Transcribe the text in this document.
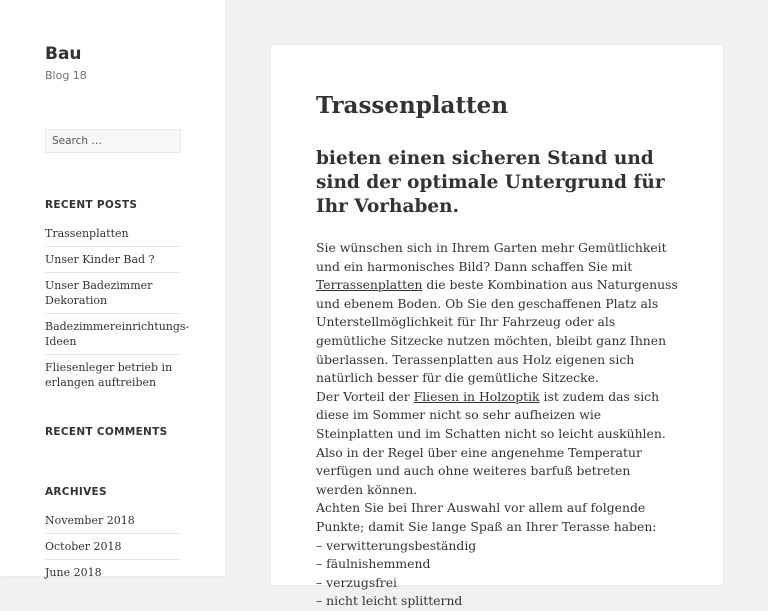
Bau
Blog 18
Search …
RECENT POSTS
Trassenplatten
Unser Kinder Bad ?
Unser Badezimmer Dekoration
Badezimmereinrichtungs-Ideen
Fliesenleger betrieb in erlangen auftreiben
RECENT COMMENTS
ARCHIVES
November 2018
October 2018
June 2018
Trassenplatten
bieten einen sicheren Stand und sind der optimale Untergrund für Ihr Vorhaben.

Sie wünschen sich in Ihrem Garten mehr Gemütlichkeit und ein harmonisches Bild? Dann schaffen Sie mit Terrassenplatten die beste Kombination aus Naturgenuss und ebenem Boden. Ob Sie den geschaffenen Platz als Unterstellmöglichkeit für Ihr Fahrzeug oder als gemütliche Sitzecke nutzen möchten, bleibt ganz Ihnen überlassen. Terassenplatten aus Holz eigenen sich natürlich besser für die gemütliche Sitzecke.

Der Vorteil der Fliesen in Holzoptik ist zudem das sich diese im Sommer nicht so sehr aufheizen wie Steinplatten und im Schatten nicht so leicht auskühlen.

Also in der Regel über eine angenehme Temperatur verfügen und auch ohne weiteres barfuß betreten werden können.

Achten Sie bei Ihrer Auswahl vor allem auf folgende Punkte; damit Sie lange Spaß an Ihrer Terasse haben:

– verwitterungsbeständig

– fäulnishemmend

– verzugsfrei

– nicht leicht splitternd
